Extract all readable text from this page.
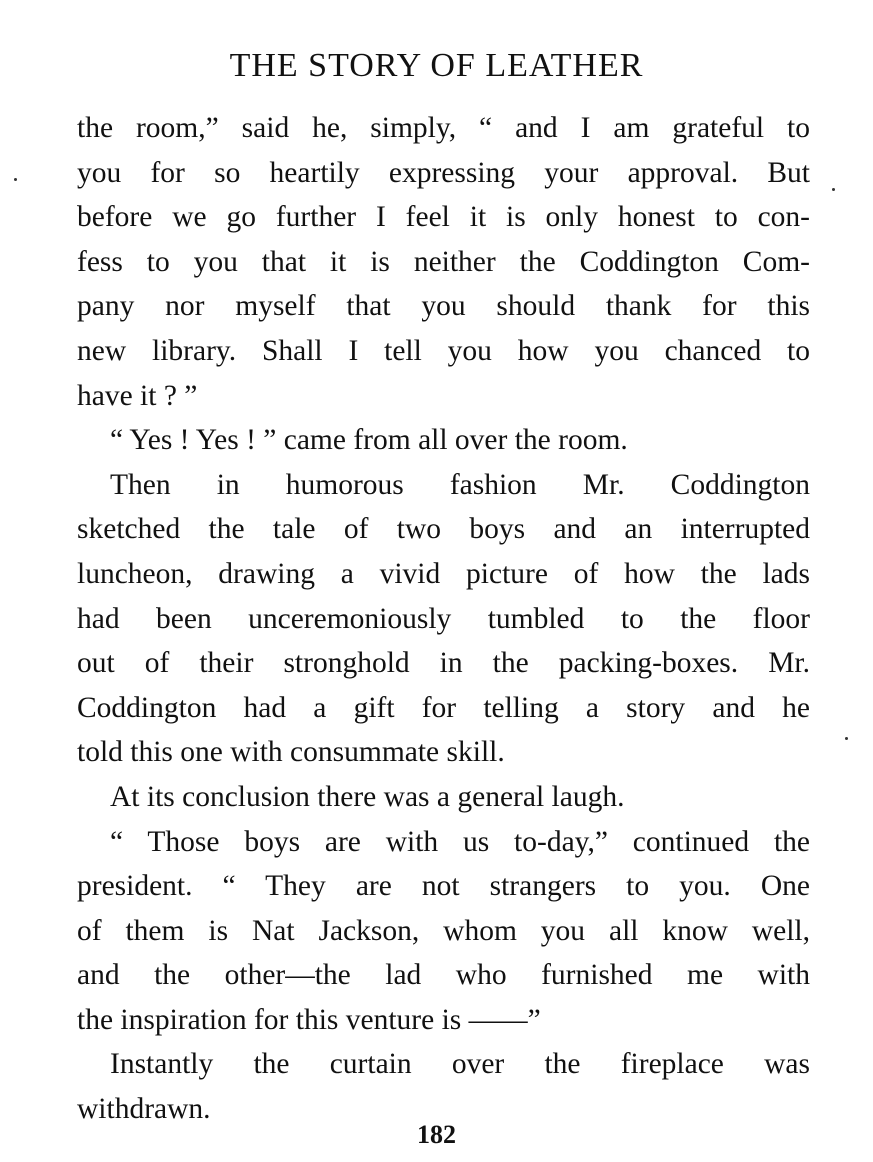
THE STORY OF LEATHER
the room,” said he, simply, “ and I am grateful to
you for so heartily expressing your approval. But
before we go further I feel it is only honest to con-
fess to you that it is neither the Coddington Com-
pany nor myself that you should thank for this
new library. Shall I tell you how you chanced to
have it ? ”
“ Yes ! Yes ! ” came from all over the room.
Then in humorous fashion Mr. Coddington
sketched the tale of two boys and an interrupted
luncheon, drawing a vivid picture of how the lads
had been unceremoniously tumbled to the floor
out of their stronghold in the packing-boxes. Mr.
Coddington had a gift for telling a story and he
told this one with consummate skill.
At its conclusion there was a general laugh.
“ Those boys are with us to-day,” continued the
president. “ They are not strangers to you. One
of them is Nat Jackson, whom you all know well,
and the other—the lad who furnished me with
the inspiration for this venture is ——”
Instantly the curtain over the fireplace was
withdrawn.
182
